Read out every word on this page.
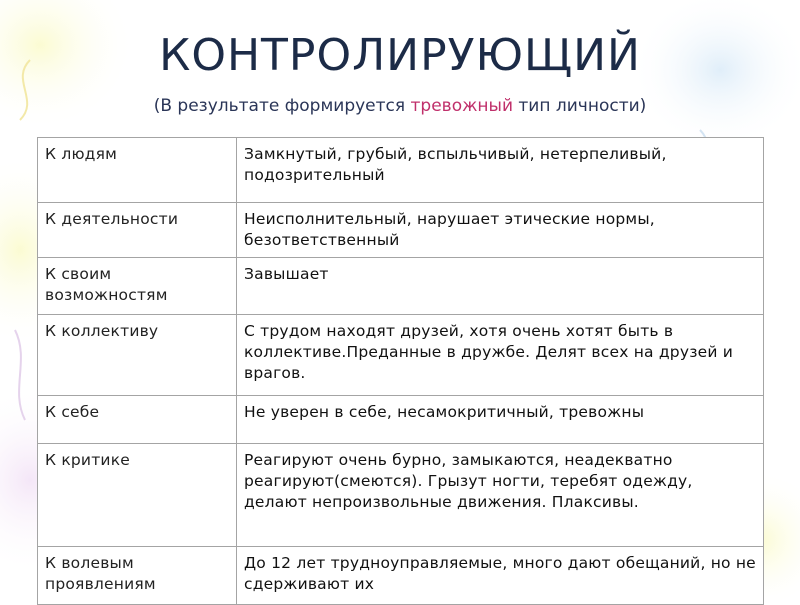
КОНТРОЛИРУЮЩИЙ
(В результате формируется тревожный тип личности)
К людям	Замкнутый, грубый, вспыльчивый, нетерпеливый, подозрительный
К деятельности	Неисполнительный, нарушает этические нормы, безответственный
К своим возможностям	Завышает
К коллективу	С трудом находят друзей, хотя очень хотят быть в коллективе.Преданные в дружбе. Делят всех на друзей и врагов.
К себе	Не уверен в себе, несамокритичный, тревожны
К критике	Реагируют очень бурно, замыкаются, неадекватно реагируют(смеются). Грызут ногти, теребят одежду, делают непроизвольные движения. Плаксивы.
К волевым проявлениям	До 12 лет трудноуправляемые, много дают обещаний, но не сдерживают их
